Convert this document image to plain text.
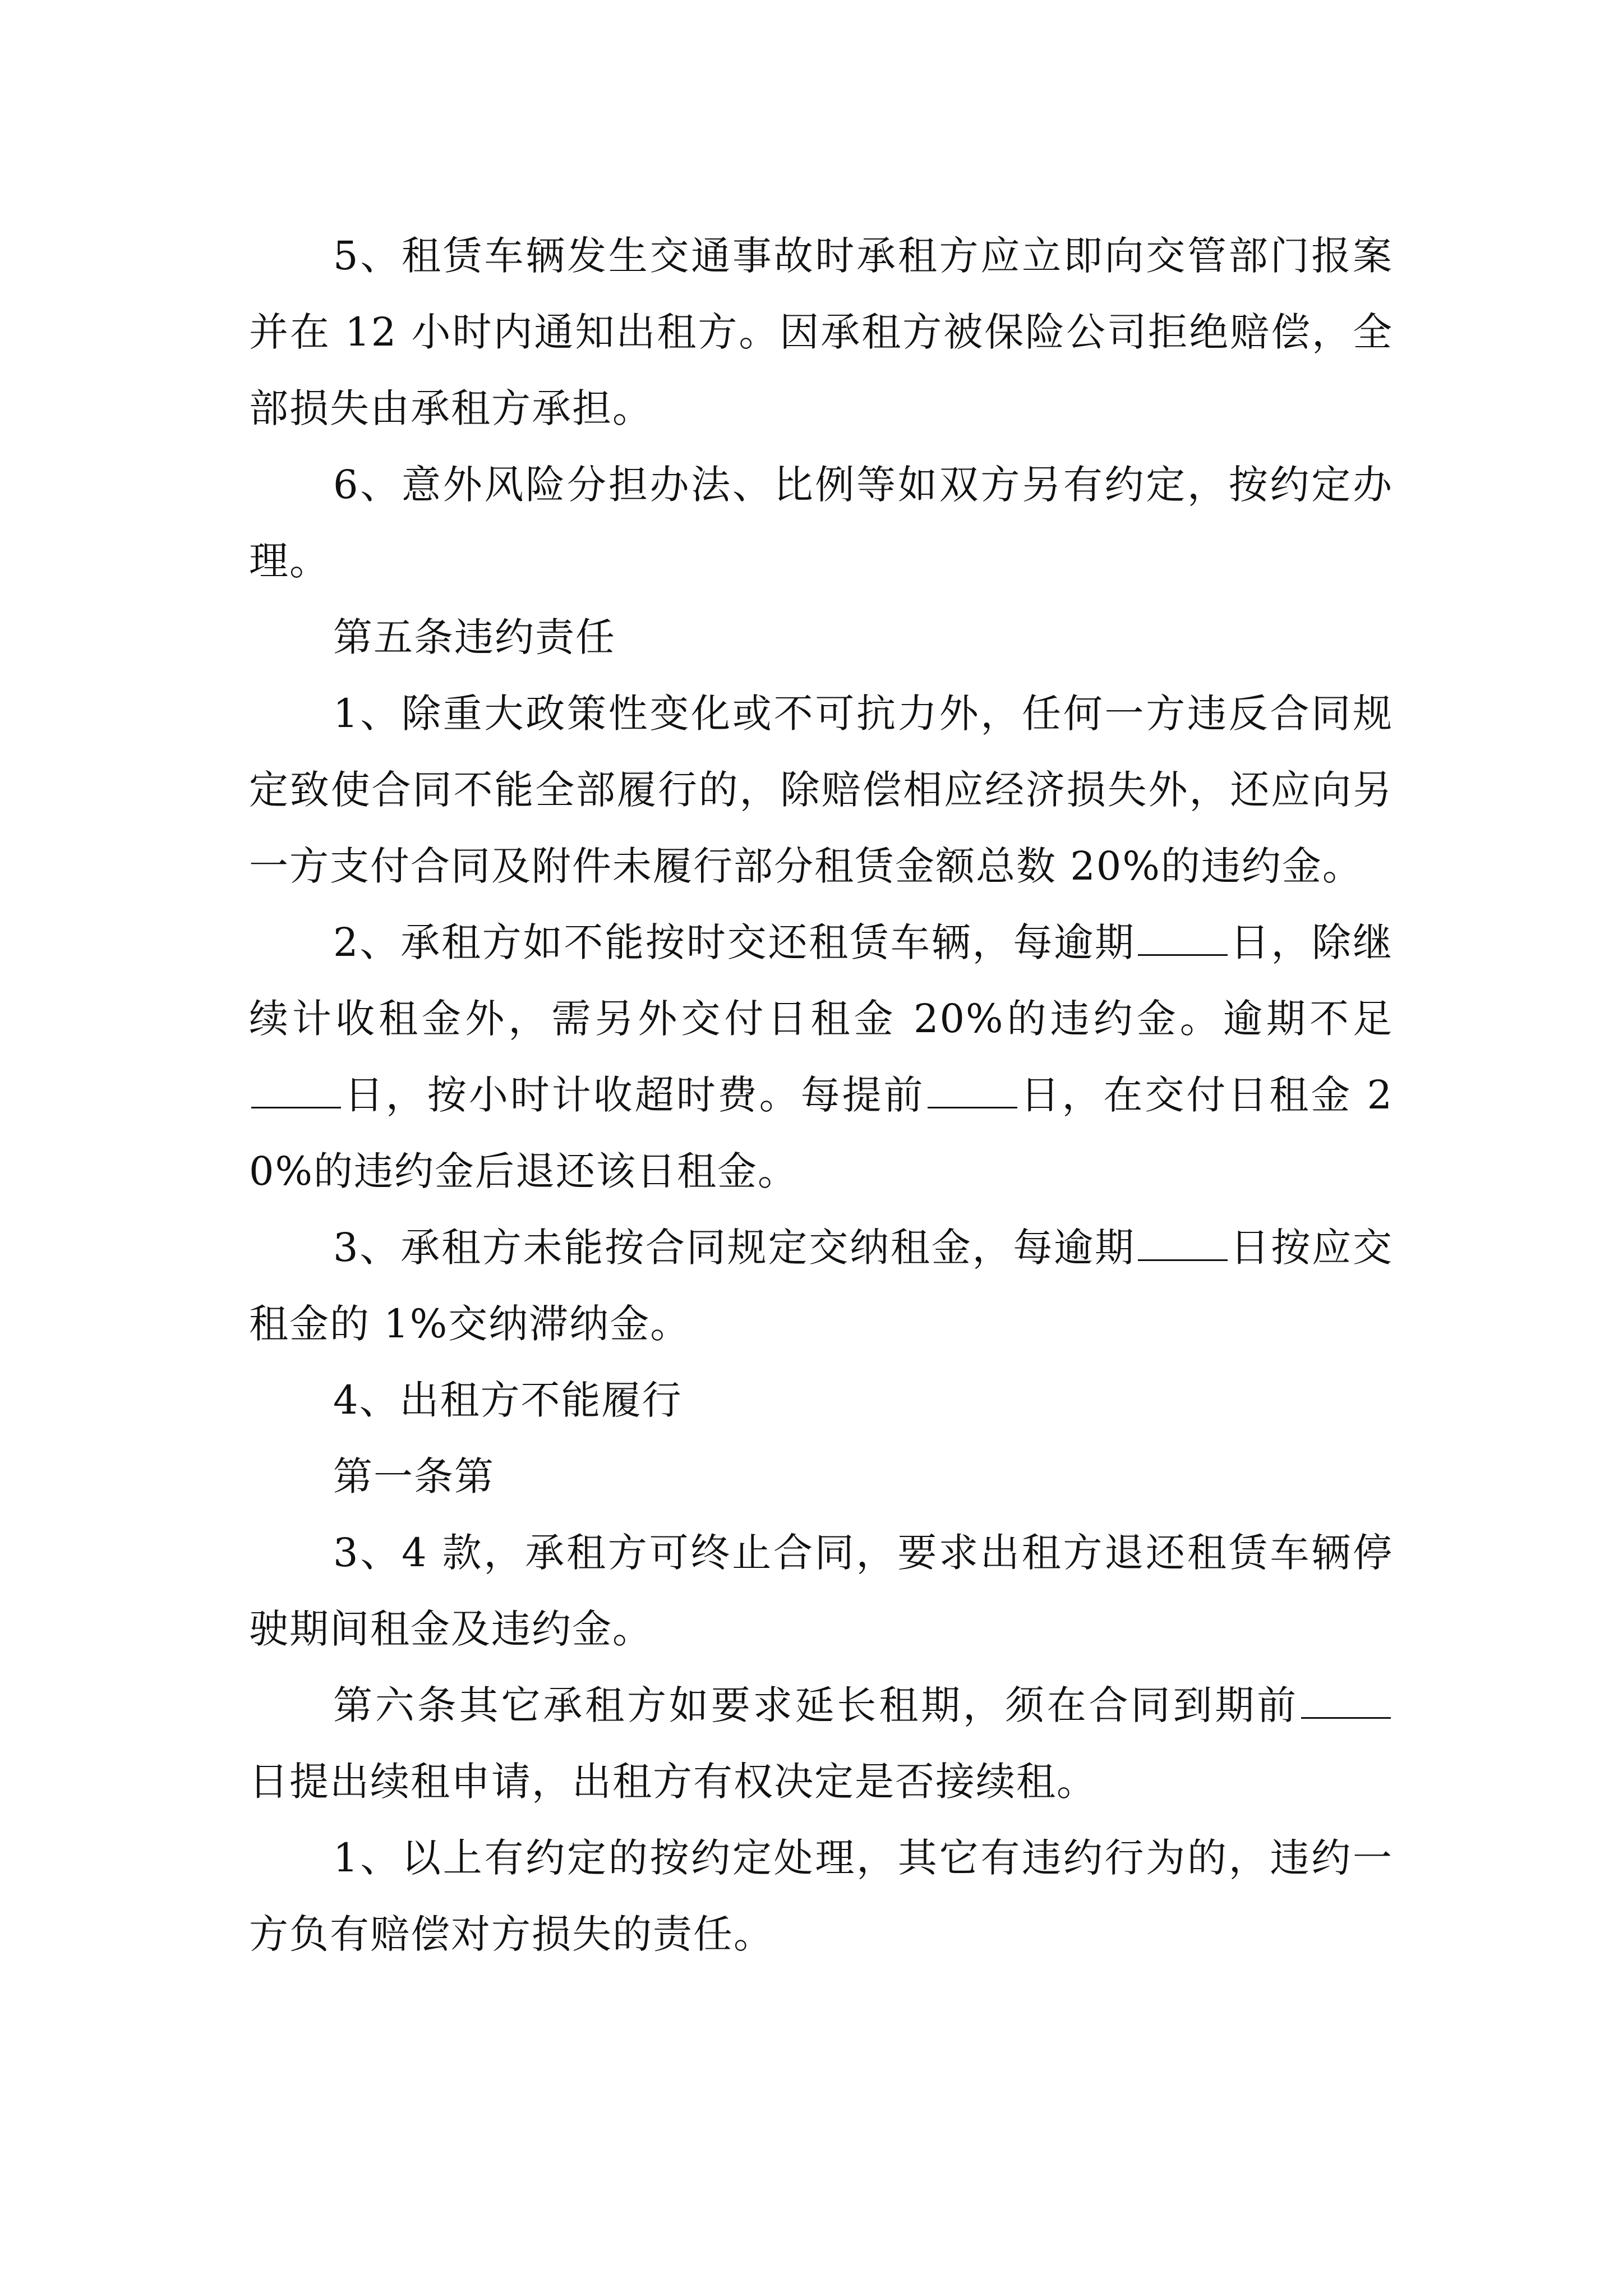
5、租赁车辆发生交通事故时承租方应立即向交管部门报案并在 12 小时内通知出租方。因承租方被保险公司拒绝赔偿，全部损失由承租方承担。

6、意外风险分担办法、比例等如双方另有约定，按约定办理。

第五条违约责任

1、除重大政策性变化或不可抗力外，任何一方违反合同规定致使合同不能全部履行的，除赔偿相应经济损失外，还应向另一方支付合同及附件未履行部分租赁金额总数 20%的违约金。

2、承租方如不能按时交还租赁车辆，每逾期 日，除继续计收租金外，需另外交付日租金 20%的违约金。逾期不足日，按小时计收超时费。每提前 日，在交付日租金 20%的违约金后退还该日租金。

3、承租方未能按合同规定交纳租金，每逾期 日按应交租金的 1%交纳滞纳金。

4、出租方不能履行

第一条第

3、4 款，承租方可终止合同，要求出租方退还租赁车辆停驶期间租金及违约金。

第六条其它承租方如要求延长租期，须在合同到期前日提出续租申请，出租方有权决定是否接续租。

1、以上有约定的按约定处理，其它有违约行为的，违约一方负有赔偿对方损失的责任。
